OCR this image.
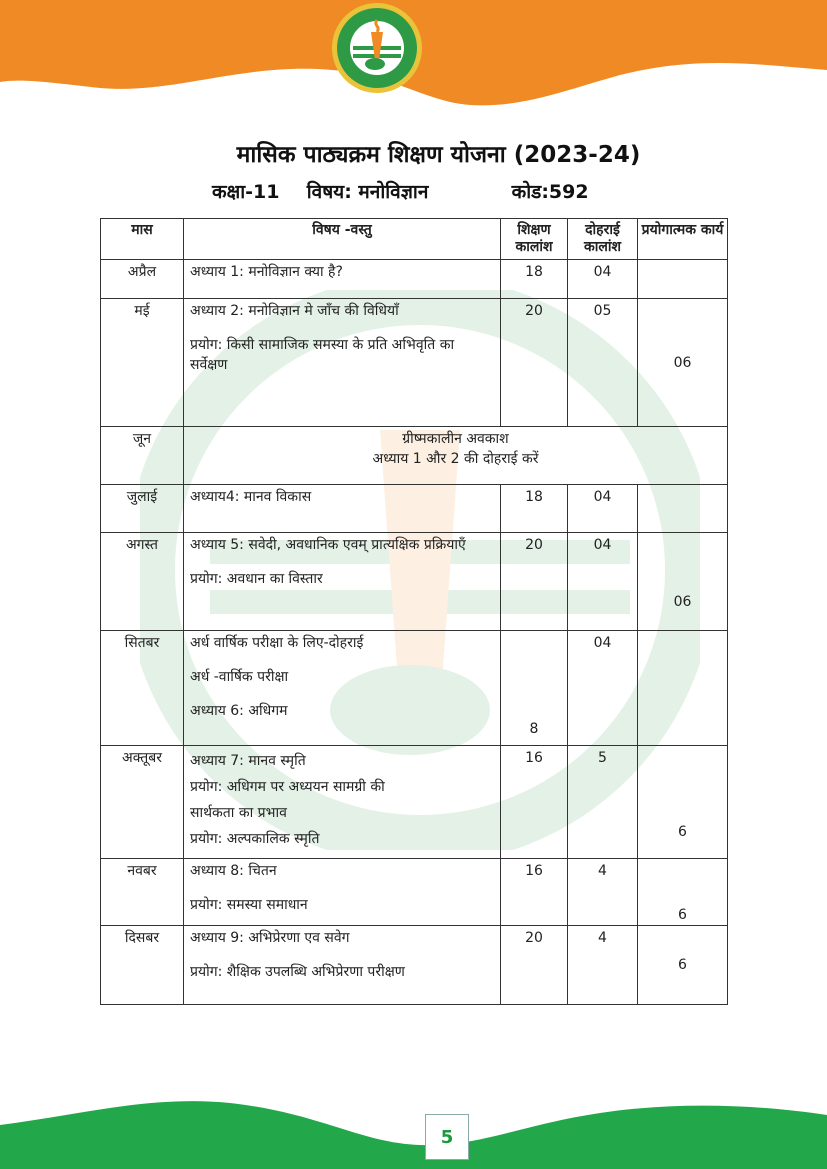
मासिक पाठ्यक्रम शिक्षण योजना (2023-24)
कक्षा-11 विषय: मनोविज्ञान	कोड:592
मास	विषय -वस्तु	शिक्षण कालांश	दोहराई कालांश	प्रयोगात्मक कार्य
अप्रैल	अध्याय 1: मनोविज्ञान क्या है?	18	04	
मई	अध्याय 2: मनोविज्ञान मे जाँच की विधियाँ

प्रयोग: किसी सामाजिक समस्या के प्रति अभिवृति का सर्वेक्षण	20	05	06
जून	ग्रीष्मकालीन अवकाश

अध्याय 1 और 2 की दोहराई करें			

जुलाई	अध्याय4: मानव विकास	18	04	
अगस्त	अध्याय 5: सवेदी, अवधानिक एवम् प्रात्यक्षिक प्रक्रियाएँ

प्रयोग: अवधान का विस्तार	20	04	06
सितबर	अर्ध वार्षिक परीक्षा के लिए-दोहराई

अर्ध -वार्षिक परीक्षा

अध्याय 6: अधिगम	8	04	
अक्तूबर	अध्याय 7: मानव स्मृति

प्रयोग: अधिगम पर अध्ययन सामग्री की

सार्थकता का प्रभाव

प्रयोग: अल्पकालिक स्मृति	16	5	6
नवबर	अध्याय 8: चितन

प्रयोग: समस्या समाधान	16	4	6
दिसबर	अध्याय 9: अभिप्रेरणा एव सवेग

प्रयोग: शैक्षिक उपलब्धि अभिप्रेरणा परीक्षण	20	4	6
5
